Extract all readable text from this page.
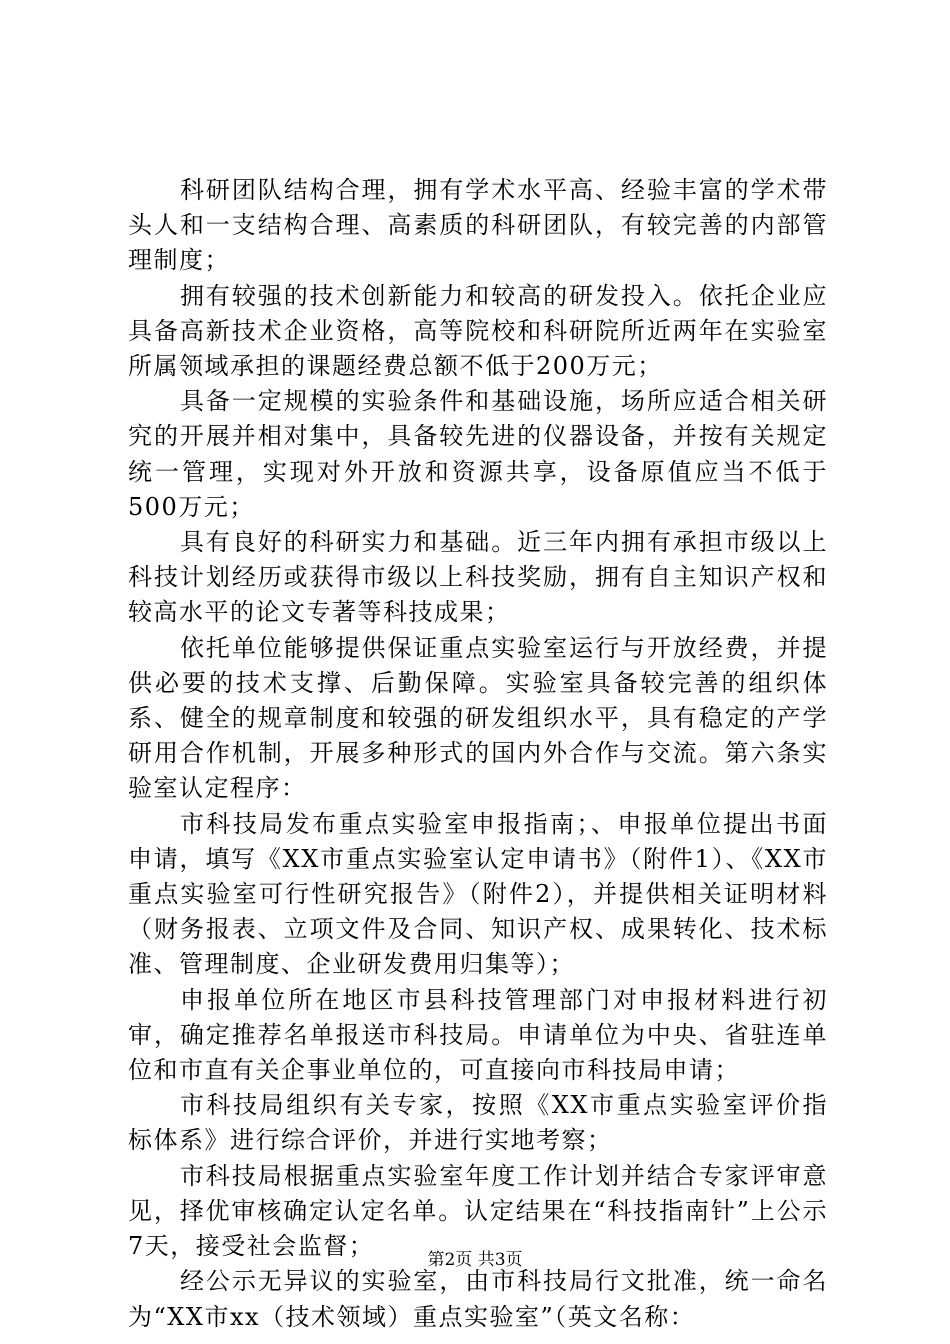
科研团队结构合理，拥有学术水平高、经验丰富的学术带头人和一支结构合理、高素质的科研团队，有较完善的内部管理制度；

拥有较强的技术创新能力和较高的研发投入。依托企业应具备高新技术企业资格，高等院校和科研院所近两年在实验室所属领域承担的课题经费总额不低于200万元；

具备一定规模的实验条件和基础设施，场所应适合相关研究的开展并相对集中，具备较先进的仪器设备，并按有关规定统一管理，实现对外开放和资源共享，设备原值应当不低于500万元；

具有良好的科研实力和基础。近三年内拥有承担市级以上科技计划经历或获得市级以上科技奖励，拥有自主知识产权和较高水平的论文专著等科技成果；

依托单位能够提供保证重点实验室运行与开放经费，并提供必要的技术支撑、后勤保障。实验室具备较完善的组织体系、健全的规章制度和较强的研发组织水平，具有稳定的产学研用合作机制，开展多种形式的国内外合作与交流。第六条实验室认定程序：

市科技局发布重点实验室申报指南；、申报单位提出书面申请，填写《XX市重点实验室认定申请书》（附件1）、《XX市重点实验室可行性研究报告》（附件2），并提供相关证明材料（财务报表、立项文件及合同、知识产权、成果转化、技术标准、管理制度、企业研发费用归集等）；

申报单位所在地区市县科技管理部门对申报材料进行初审，确定推荐名单报送市科技局。申请单位为中央、省驻连单位和市直有关企事业单位的，可直接向市科技局申请；

市科技局组织有关专家，按照《XX市重点实验室评价指标体系》进行综合评价，并进行实地考察；

市科技局根据重点实验室年度工作计划并结合专家评审意见，择优审核确定认定名单。认定结果在“科技指南针”上公示7天，接受社会监督；

经公示无异议的实验室，由市科技局行文批准，统一命名为“XX市xx（技术领域）重点实验室”（英文名称：

第2页 共3页
